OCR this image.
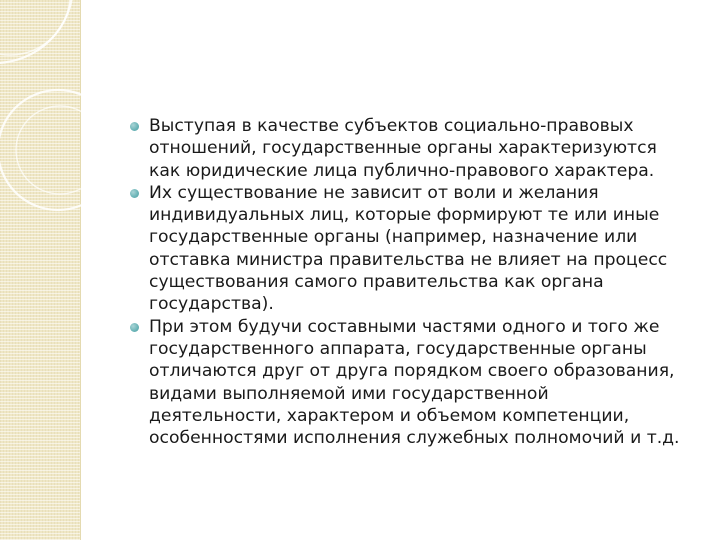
Выступая в качестве субъектов социально-правовых
отношений, государственные органы характеризуются
как юридические лица публично-правового характера.
Их существование не зависит от воли и желания
индивидуальных лиц, которые формируют те или иные
государственные органы (например, назначение или
отставка министра правительства не влияет на процесс
существования самого правительства как органа
государства).
При этом будучи составными частями одного и того же
государственного аппарата, государственные органы
отличаются друг от друга порядком своего образования,
видами выполняемой ими государственной
деятельности, характером и объемом компетенции,
особенностями исполнения служебных полномочий и т.д.
